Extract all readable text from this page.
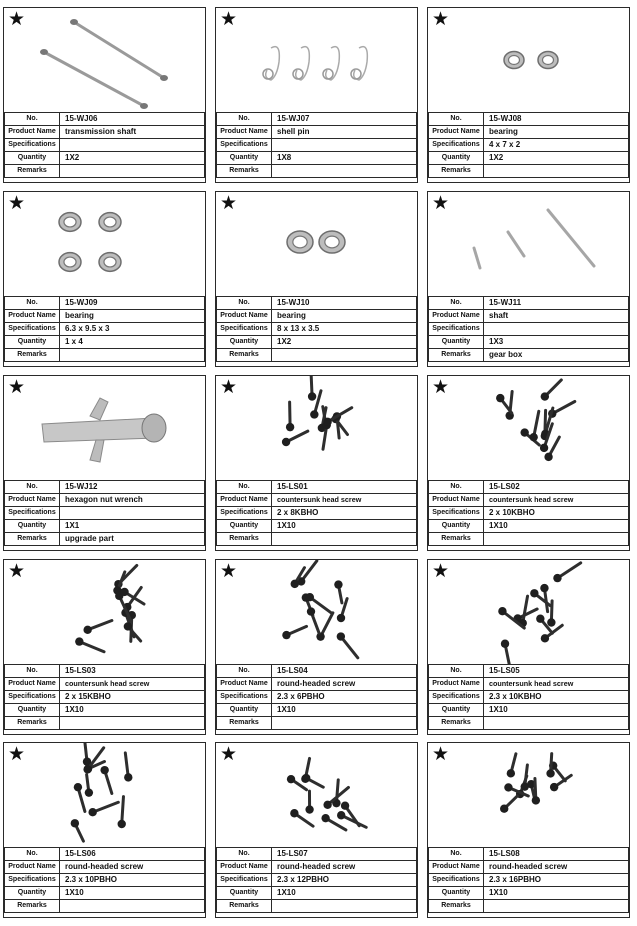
★
No.	15-WJ06
Product Name	transmission shaft
Specifications	
Quantity	1X2
Remarks	
★
No.	15-WJ07
Product Name	shell pin
Specifications	
Quantity	1X8
Remarks	
★
No.	15-WJ08
Product Name	bearing
Specifications	4 x 7 x 2
Quantity	1X2
Remarks	
★
No.	15-WJ09
Product Name	bearing
Specifications	6.3 x 9.5 x 3
Quantity	1 x 4
Remarks	
★
No.	15-WJ10
Product Name	bearing
Specifications	8 x 13 x 3.5
Quantity	1X2
Remarks	
★
No.	15-WJ11
Product Name	shaft
Specifications	
Quantity	1X3
Remarks	gear box
★
No.	15-WJ12
Product Name	hexagon nut wrench
Specifications	
Quantity	1X1
Remarks	upgrade part
★
No.	15-LS01
Product Name	countersunk head screw
Specifications	2 x 8KBHO
Quantity	1X10
Remarks	
★
No.	15-LS02
Product Name	countersunk head screw
Specifications	2 x 10KBHO
Quantity	1X10
Remarks	
★
No.	15-LS03
Product Name	countersunk head screw
Specifications	2 x 15KBHO
Quantity	1X10
Remarks	
★
No.	15-LS04
Product Name	round-headed screw
Specifications	2.3 x 6PBHO
Quantity	1X10
Remarks	
★
No.	15-LS05
Product Name	countersunk head screw
Specifications	2.3 x 10KBHO
Quantity	1X10
Remarks	
★
No.	15-LS06
Product Name	round-headed screw
Specifications	2.3 x 10PBHO
Quantity	1X10
Remarks	
★
No.	15-LS07
Product Name	round-headed screw
Specifications	2.3 x 12PBHO
Quantity	1X10
Remarks	
★
No.	15-LS08
Product Name	round-headed screw
Specifications	2.3 x 16PBHO
Quantity	1X10
Remarks	
